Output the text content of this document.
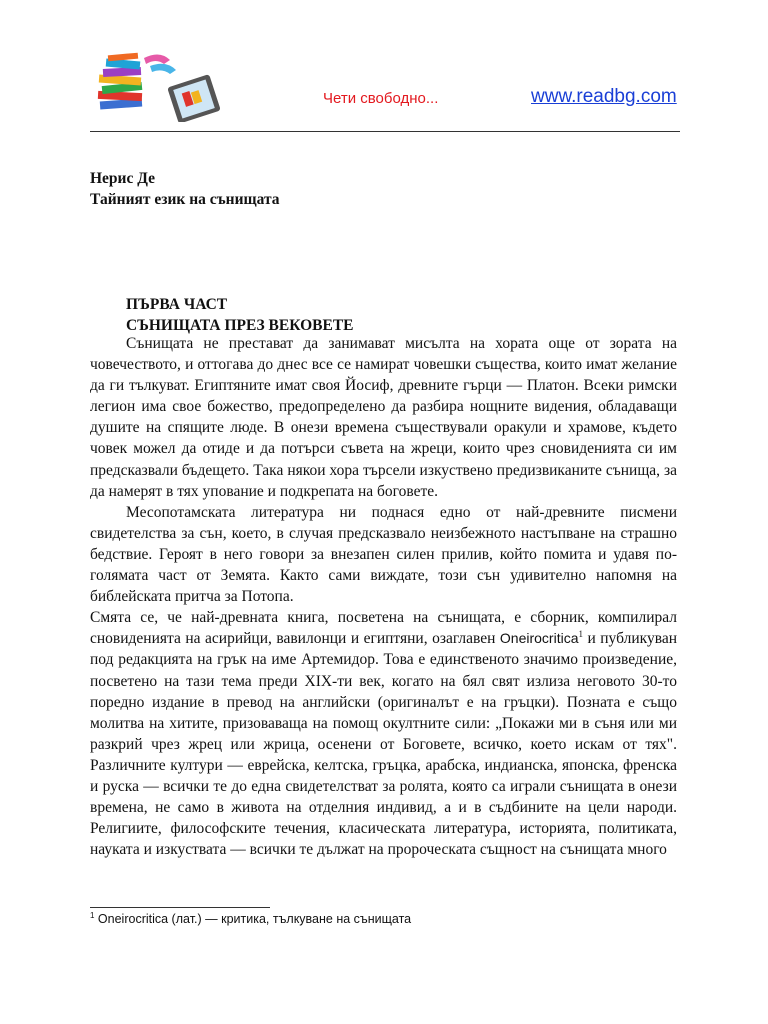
Чети свободно...	www.readbg.com
Нерис Де
Тайният език на сънищата
ПЪРВА ЧАСТ
СЪНИЩАТА ПРЕЗ ВЕКОВЕТЕ

Сънищата не престават да занимават мисълта на хората още от зората на човечеството, и оттогава до днес все се намират човешки същества, които имат желание да ги тълкуват. Египтяните имат своя Йосиф, древните гърци — Платон. Всеки римски легион има свое божество, предопределено да разбира нощните видения, обладаващи душите на спящите люде. В онези времена съществували оракули и храмове, където човек можел да отиде и да потърси съвета на жреци, които чрез сновиденията си им предсказвали бъдещето. Така някои хора търсели изкуствено предизвиканите сънища, за да намерят в тях упование и подкрепата на боговете.

Месопотамската литература ни поднася едно от най-древните писмени свидетелства за сън, което, в случая предсказвало неизбежното настъпване на страшно бедствие. Героят в него говори за внезапен силен прилив, който помита и удавя по-голямата част от Земята. Както сами виждате, този сън удивително напомня на библейската притча за Потопа.

Смята се, че най-древната книга, посветена на сънищата, е сборник, компилирал сновиденията на асирийци, вавилонци и египтяни, озаглавен Oneirocritica$^1$ и публикуван под редакцията на грък на име Артемидор. Това е единственото значимо произведение, посветено на тази тема преди XIX-ти век, когато на бял свят излиза неговото 30-то поредно издание в превод на английски (оригиналът е на гръцки). Позната е също молитва на хитите, призоваваща на помощ окултните сили: „Покажи ми в съня или ми разкрий чрез жрец или жрица, осенени от Боговете, всичко, което искам от тях". Различните култури — еврейска, келтска, гръцка, арабска, индианска, японска, френска и руска — всички те до една свидетелстват за ролята, която са играли сънищата в онези времена, не само в живота на отделния индивид, а и в съдбините на цели народи. Религиите, философските течения, класическата литература, историята, политиката, науката и изкуствата — всички те дължат на пророческата същност на сънищата много

$^1$ Oneirocritica (лат.) — критика, тълкуване на сънищата
